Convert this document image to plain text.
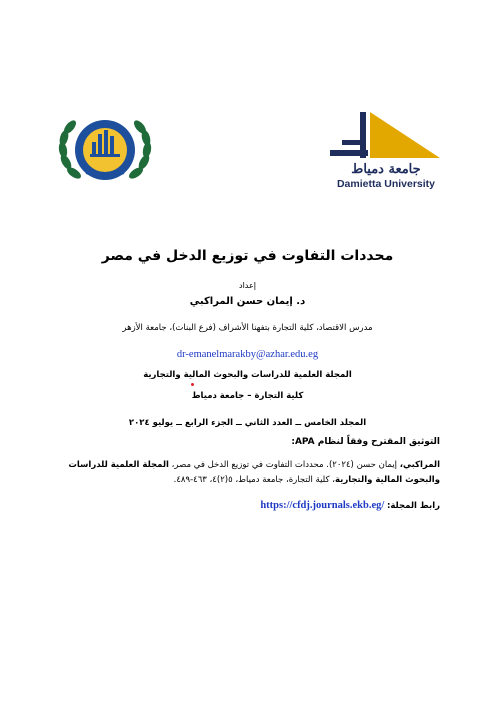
جامعة دمياط
Damietta University
محددات التفاوت في توزيع الدخل في مصر
إعداد
د. إيمان حسن المراكبي
مدرس الاقتصاد، كلية التجارة بتفهنا الأشراف (فرع البنات)، جامعة الأزهر
dr-emanelmarakby@azhar.edu.eg
المجلة العلمية للدراسات والبحوث المالية والتجارية
كلية التجارة – جامعة دمياط
المجلد الخامس ــ العدد الثاني ــ الجزء الرابع ــ يوليو ٢٠٢٤
التوثيق المقترح وفقاً لنظام APA:
المراكبي، إيمان حسن (٢٠٢٤). محددات التفاوت في توزيع الدخل في مصر، المجلة العلمية للدراسات والبحوث المالية والتجارية، كلية التجارة، جامعة دمياط، ٥(٢)٤، ٤٦٣-٤٨٩.
رابط المجلة: https://cfdj.journals.ekb.eg/
